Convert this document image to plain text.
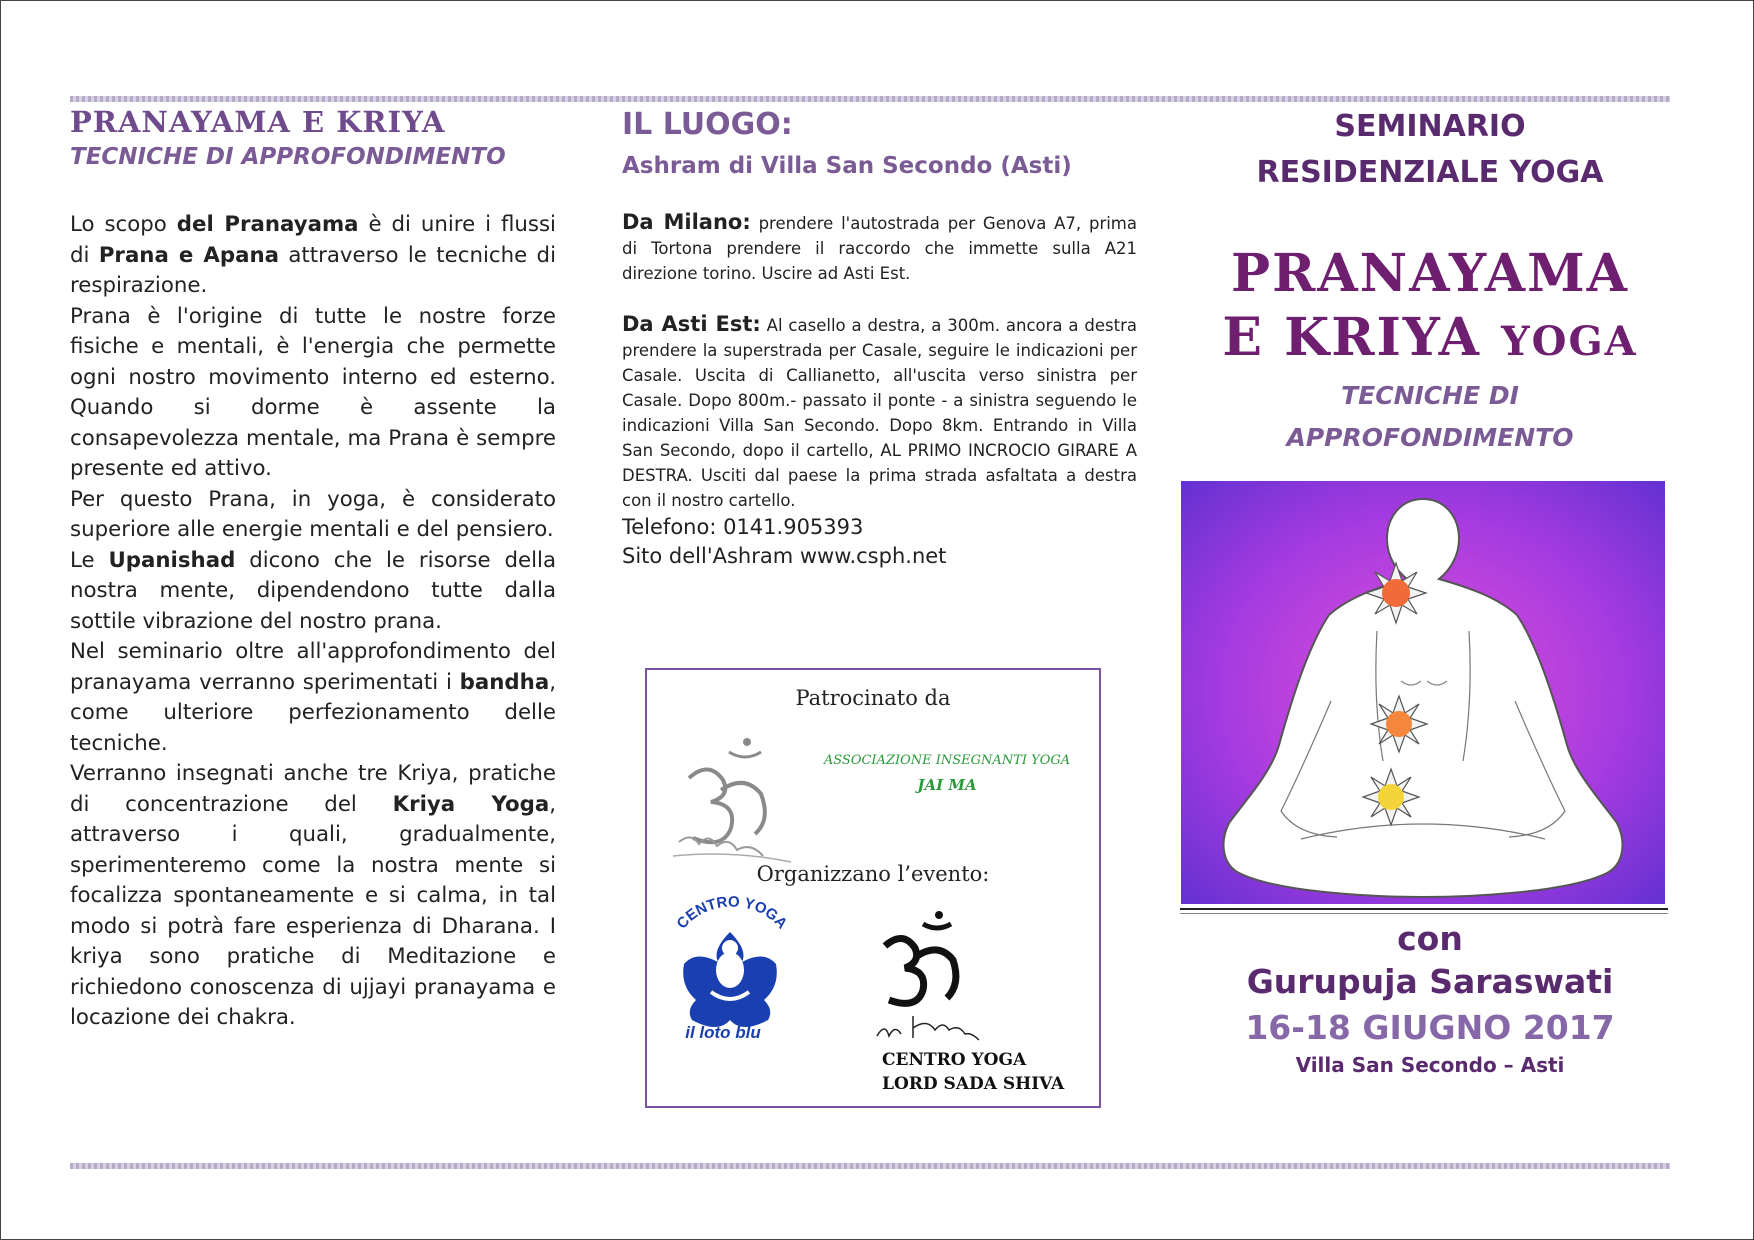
PRANAYAMA E KRIYA
TECNICHE DI APPROFONDIMENTO

Lo scopo del Pranayama è di unire i flussi di Prana e Apana attraverso le tecniche di respirazione.

Prana è l'origine di tutte le nostre forze fisiche e mentali, è l'energia che permette ogni nostro movimento interno ed esterno. Quando si dorme è assente la consapevolezza mentale, ma Prana è sempre presente ed attivo.

Per questo Prana, in yoga, è considerato superiore alle energie mentali e del pensiero.

Le Upanishad dicono che le risorse della nostra mente, dipendendono tutte dalla sottile vibrazione del nostro prana.

Nel seminario oltre all'approfondimento del pranayama verranno sperimentati i bandha, come ulteriore perfezionamento delle tecniche.

Verranno insegnati anche tre Kriya, pratiche di concentrazione del Kriya Yoga, attraverso i quali, gradualmente, sperimenteremo come la nostra mente si focalizza spontaneamente e si calma, in tal modo si potrà fare esperienza di Dharana. I kriya sono pratiche di Meditazione e richiedono conoscenza di ujjayi pranayama e locazione dei chakra.

IL LUOGO:
Ashram di Villa San Secondo (Asti)

Da Milano: prendere l'autostrada per Genova A7, prima di Tortona prendere il raccordo che immette sulla A21 direzione torino. Uscire ad Asti Est.

Da Asti Est: Al casello a destra, a 300m. ancora a destra prendere la superstrada per Casale, seguire le indicazioni per Casale. Uscita di Callianetto, all'uscita verso sinistra per Casale. Dopo 800m.- passato il ponte - a sinistra seguendo le indicazioni Villa San Secondo. Dopo 8km. Entrando in Villa San Secondo, dopo il cartello, AL PRIMO INCROCIO GIRARE A DESTRA. Usciti dal paese la prima strada asfaltata a destra con il nostro cartello.

Telefono: 0141.905393

Sito dell'Ashram www.csph.net

Patrocinato da
ASSOCIAZIONE INSEGNANTI YOGA
JAI MA
Organizzano l’evento:
CENTRO YOGA
il loto blu
CENTRO YOGA
LORD SADA SHIVA

SEMINARIO

RESIDENZIALE YOGA

PRANAYAMA
E KRIYA YOGA

TECNICHE DI

APPROFONDIMENTO

con
Gurupuja Saraswati
16-18 GIUGNO 2017
Villa San Secondo – Asti
